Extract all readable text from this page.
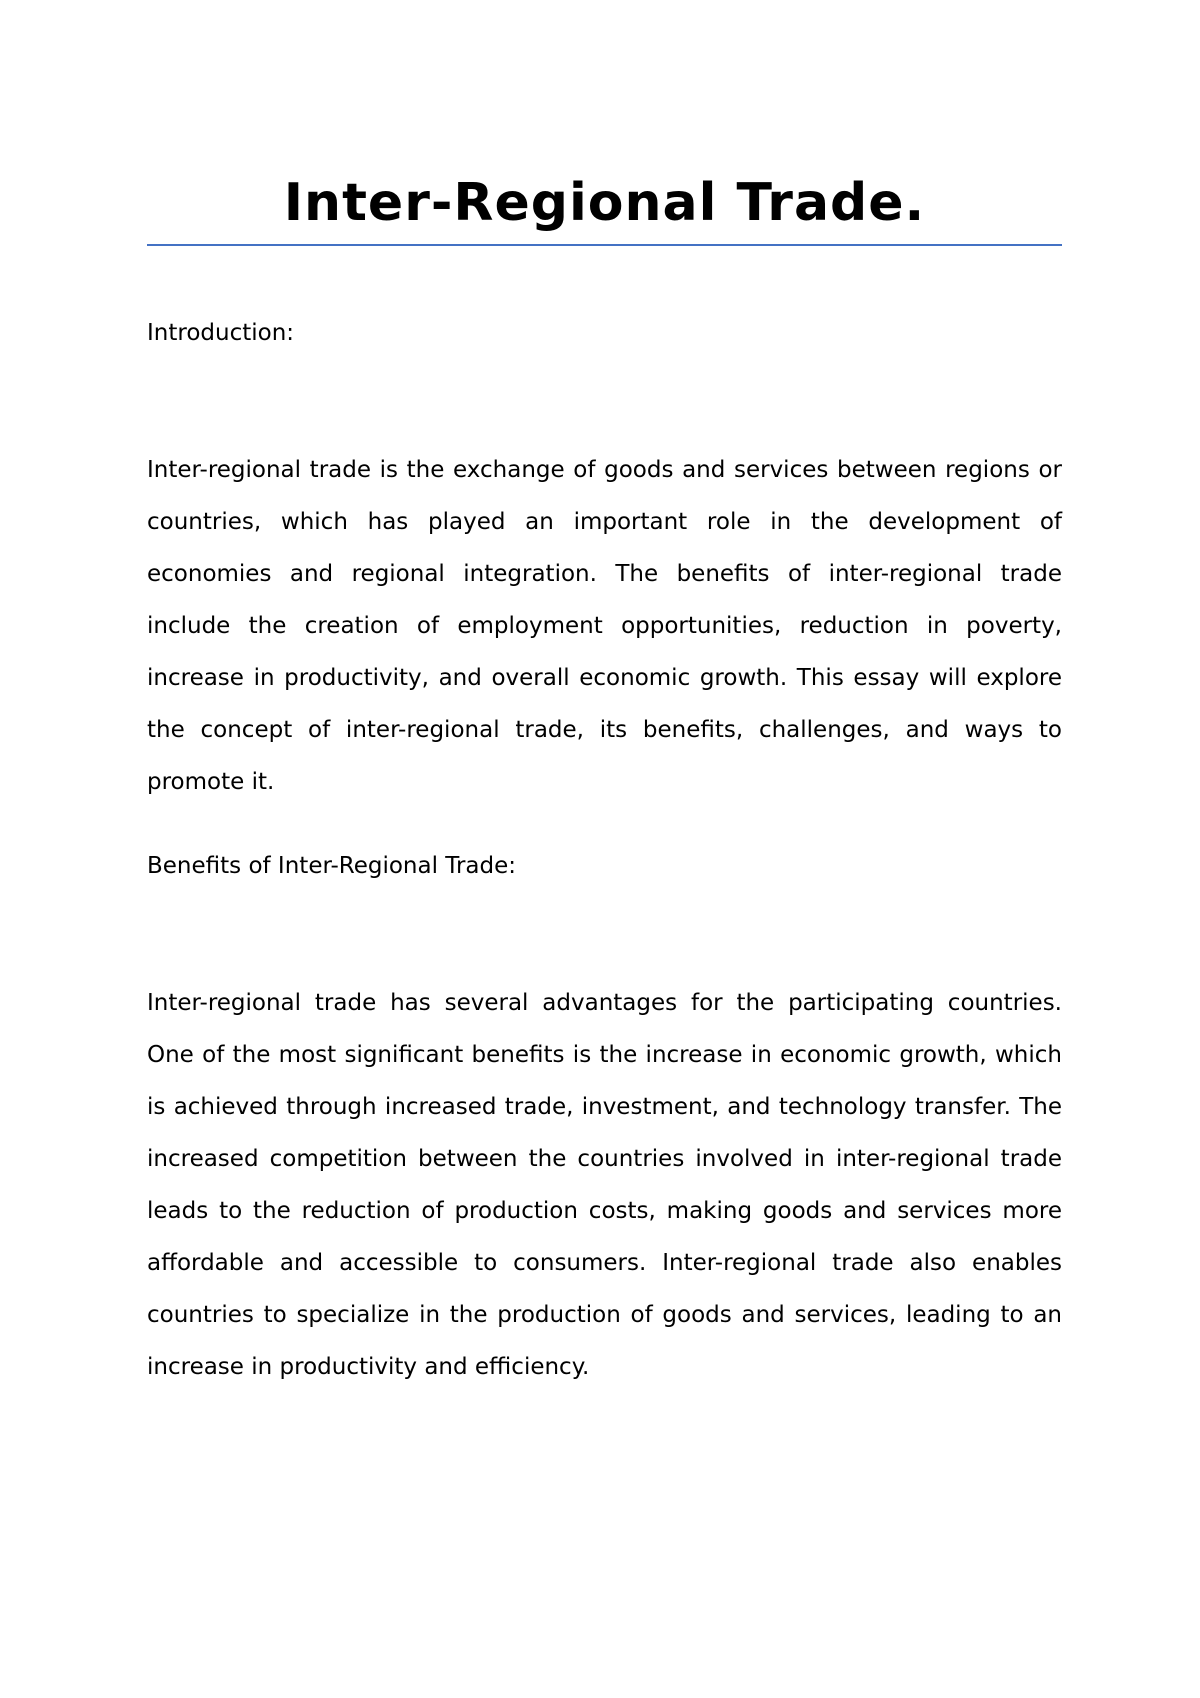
Inter-Regional Trade.
Introduction:

Inter-regional trade is the exchange of goods and services between regions or countries, which has played an important role in the development of economies and regional integration. The benefits of inter-regional trade include the creation of employment opportunities, reduction in poverty, increase in productivity, and overall economic growth. This essay will explore the concept of inter-regional trade, its benefits, challenges, and ways to promote it.

Benefits of Inter-Regional Trade:

Inter-regional trade has several advantages for the participating countries. One of the most significant benefits is the increase in economic growth, which is achieved through increased trade, investment, and technology transfer. The increased competition between the countries involved in inter-regional trade leads to the reduction of production costs, making goods and services more affordable and accessible to consumers. Inter-regional trade also enables countries to specialize in the production of goods and services, leading to an increase in productivity and efficiency.
